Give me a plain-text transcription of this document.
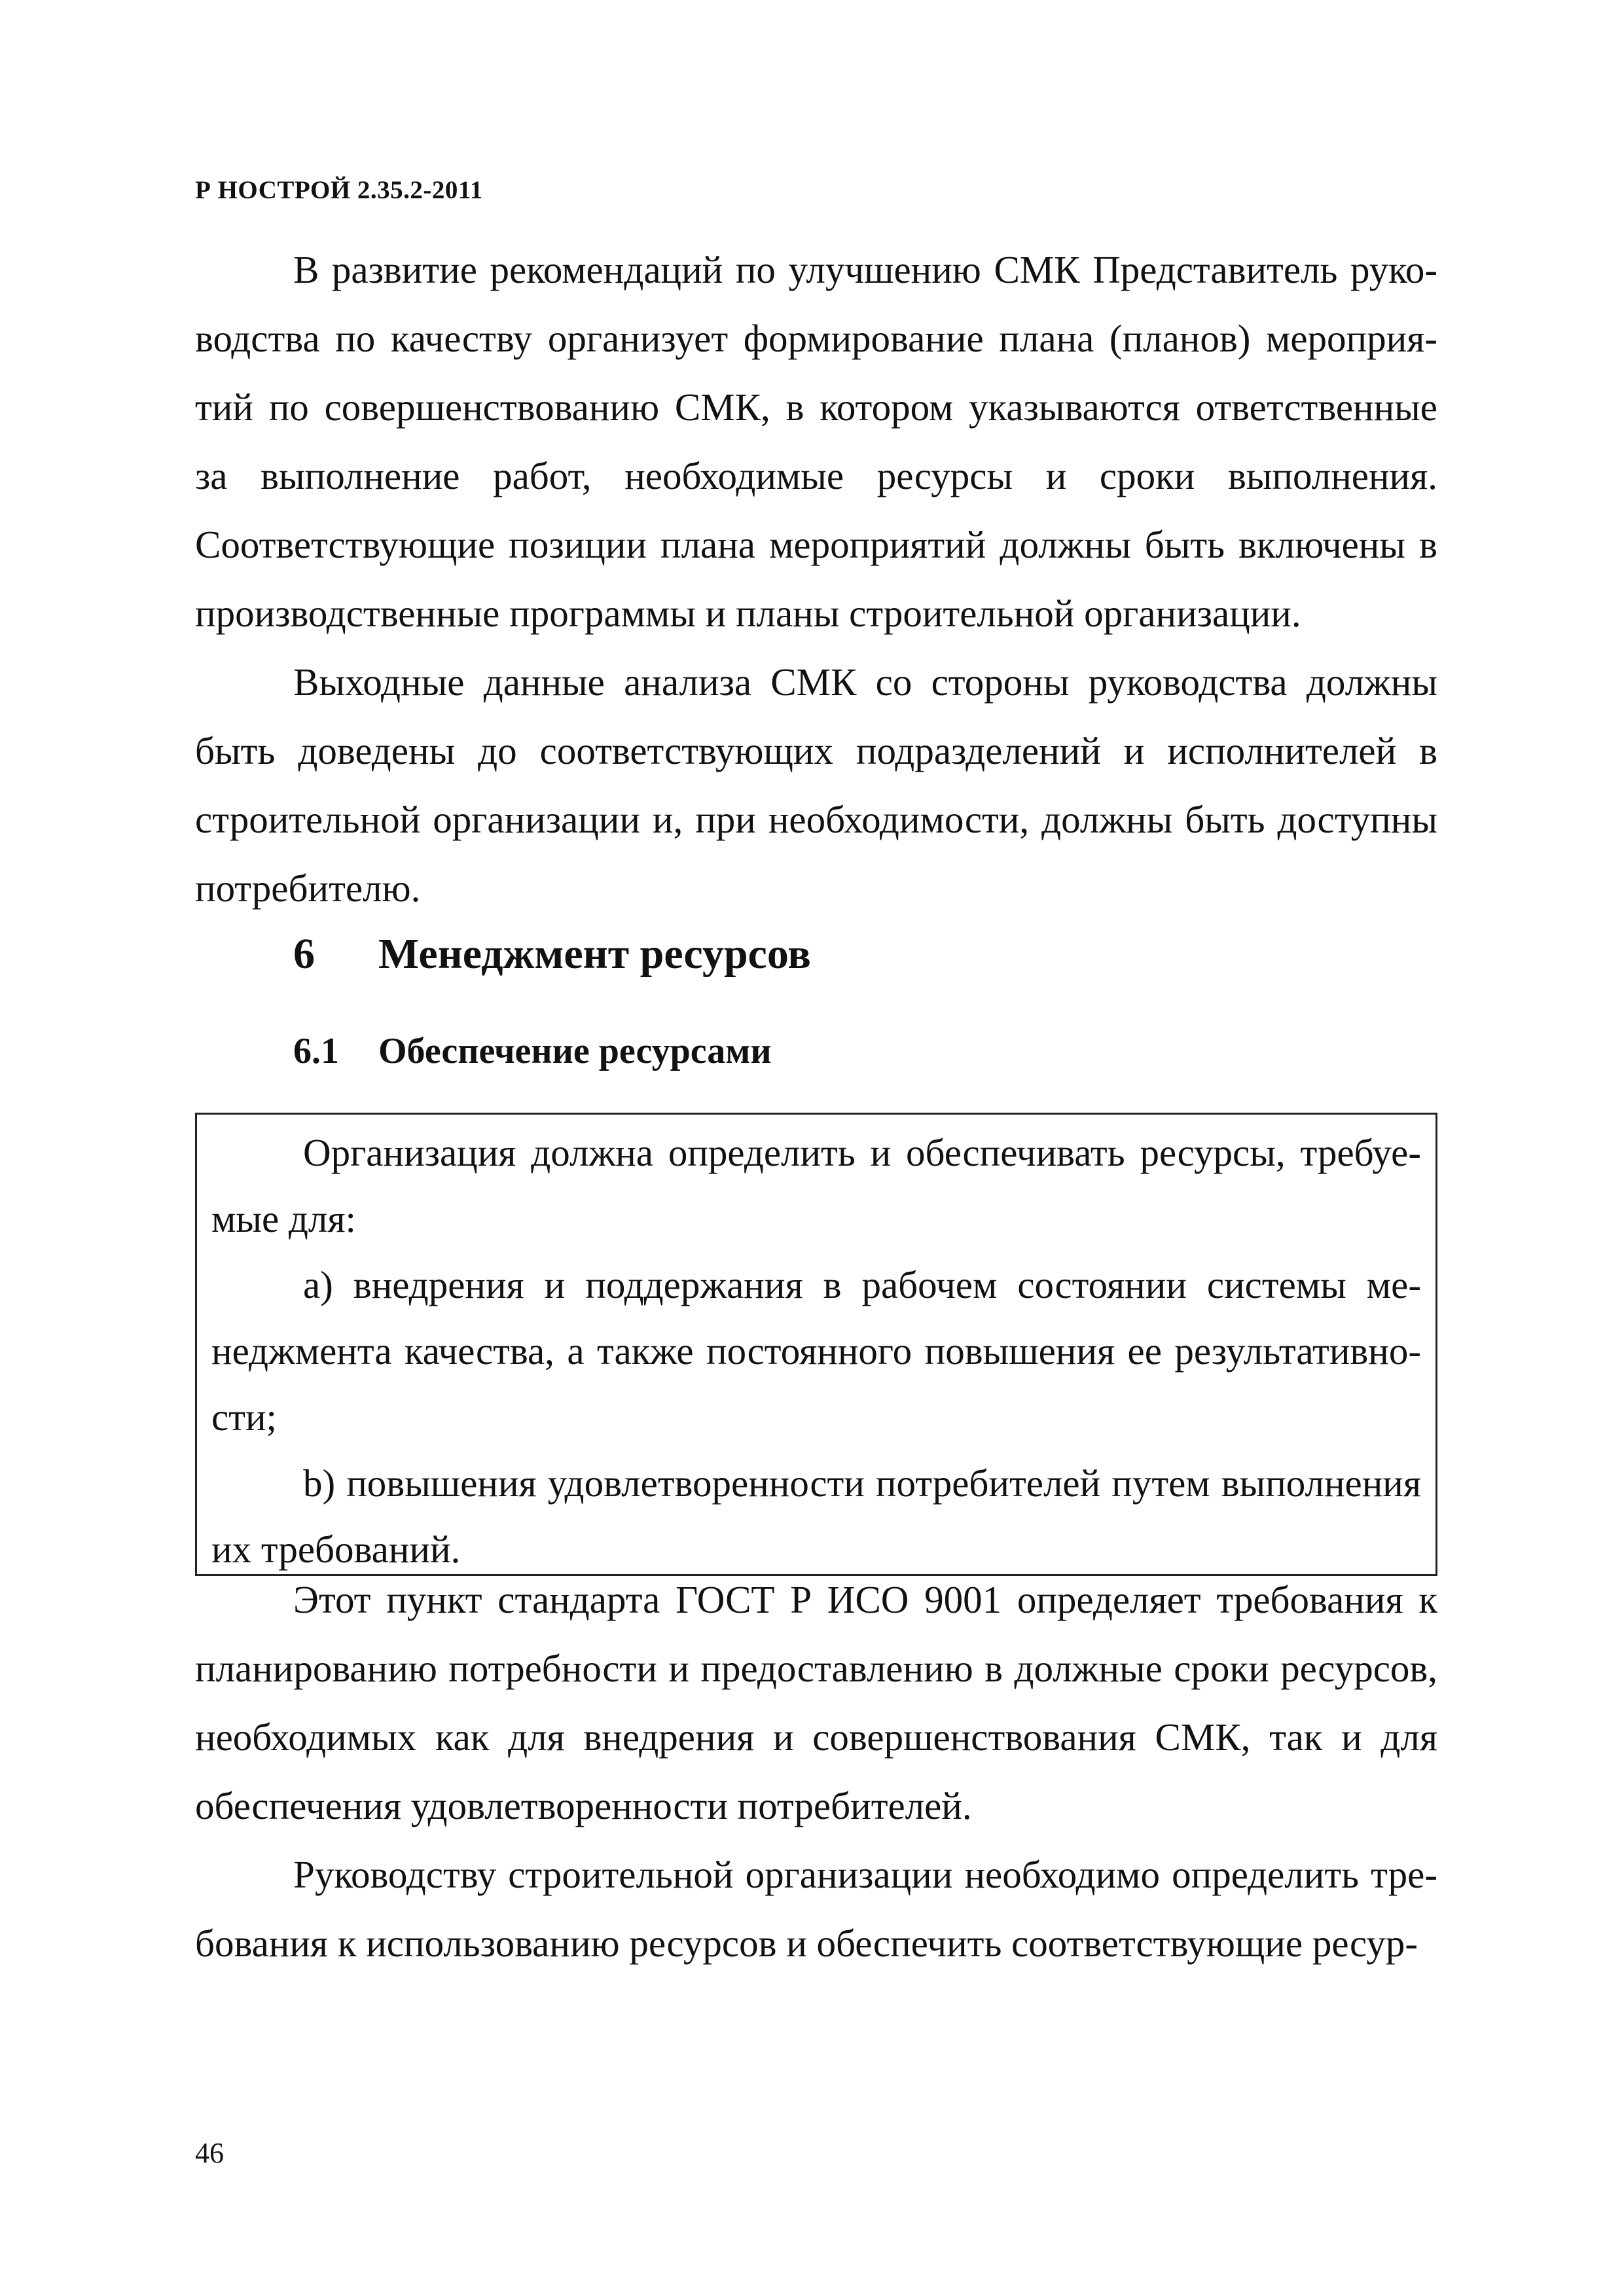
Р НОСТРОЙ 2.35.2-2011

В развитие рекомендаций по улучшению СМК Представитель руководства по качеству организует формирование плана (планов) мероприятий по совершенствованию СМК, в котором указываются ответственные за выполнение работ, необходимые ресурсы и сроки выполнения. Соответствующие позиции плана мероприятий должны быть включены в производственные программы и планы строительной организации.

Выходные данные анализа СМК со стороны руководства должны быть доведены до соответствующих подразделений и исполнителей в строительной организации и, при необходимости, должны быть доступны потребителю.

6	Менеджмент ресурсов
6.1	Обеспечение ресурсами

Организация должна определить и обеспечивать ресурсы, требуемые для:

a) внедрения и поддержания в рабочем состоянии системы менеджмента качества, а также постоянного повышения ее результативности;

b) повышения удовлетворенности потребителей путем выполнения их требований.

Этот пункт стандарта ГОСТ Р ИСО 9001 определяет требования к планированию потребности и предоставлению в должные сроки ресурсов, необходимых как для внедрения и совершенствования СМК, так и для обеспечения удовлетворенности потребителей.

Руководству строительной организации необходимо определить требования к использованию ресурсов и обеспечить соответствующие ресур-

46
